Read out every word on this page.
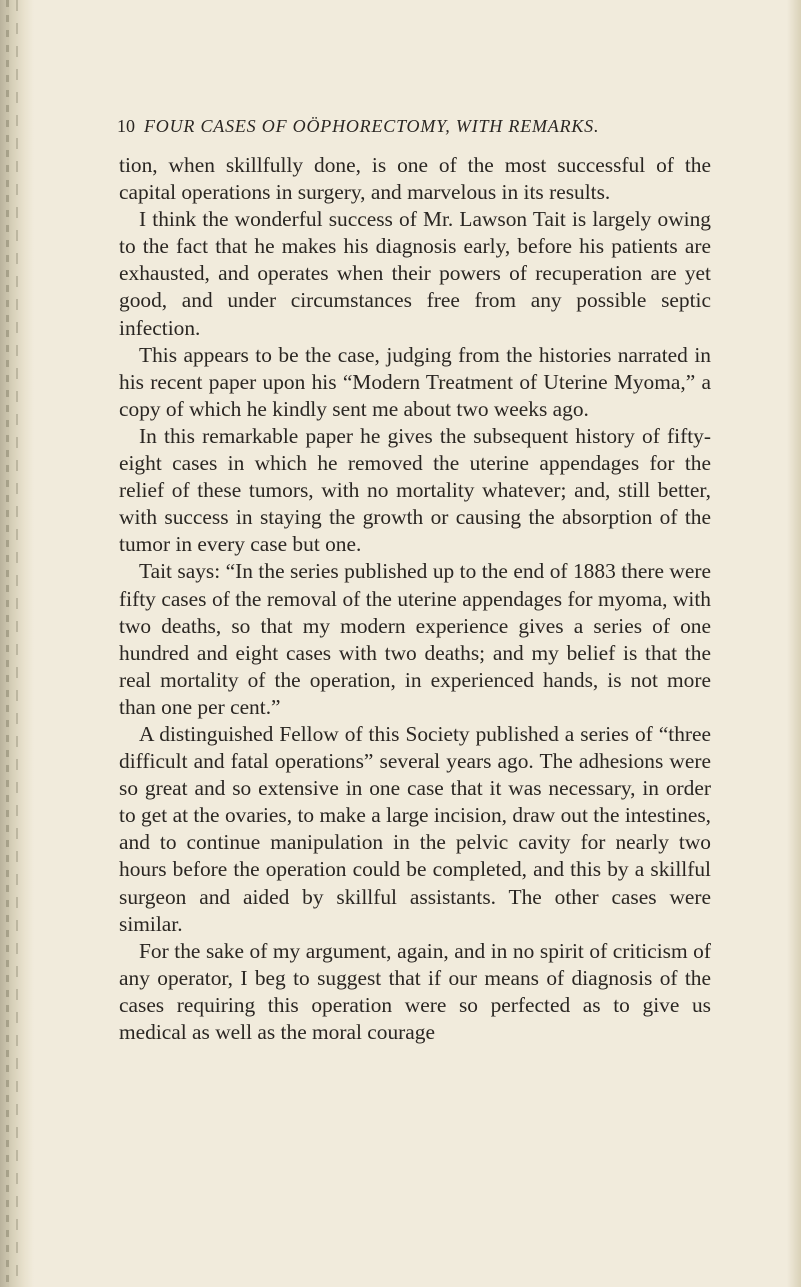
10 FOUR CASES OF OÖPHORECTOMY, WITH REMARKS.

tion, when skillfully done, is one of the most successful of the capital operations in surgery, and marvelous in its results.

I think the wonderful success of Mr. Lawson Tait is largely owing to the fact that he makes his diagnosis early, before his patients are exhausted, and operates when their powers of recuperation are yet good, and under circumstances free from any possible septic infection.

This appears to be the case, judging from the histories narrated in his recent paper upon his “Modern Treatment of Uterine Myoma,” a copy of which he kindly sent me about two weeks ago.

In this remarkable paper he gives the subsequent history of fifty-eight cases in which he removed the uterine appendages for the relief of these tumors, with no mortality whatever; and, still better, with success in staying the growth or causing the absorption of the tumor in every case but one.

Tait says: “In the series published up to the end of 1883 there were fifty cases of the removal of the uterine appendages for myoma, with two deaths, so that my modern experience gives a series of one hundred and eight cases with two deaths; and my belief is that the real mortality of the operation, in experienced hands, is not more than one per cent.”

A distinguished Fellow of this Society published a series of “three difficult and fatal operations” several years ago. The adhesions were so great and so extensive in one case that it was necessary, in order to get at the ovaries, to make a large incision, draw out the intestines, and to continue manipulation in the pelvic cavity for nearly two hours before the operation could be completed, and this by a skillful surgeon and aided by skillful assistants. The other cases were similar.

For the sake of my argument, again, and in no spirit of criticism of any operator, I beg to suggest that if our means of diagnosis of the cases requiring this operation were so perfected as to give us medical as well as the moral courage
